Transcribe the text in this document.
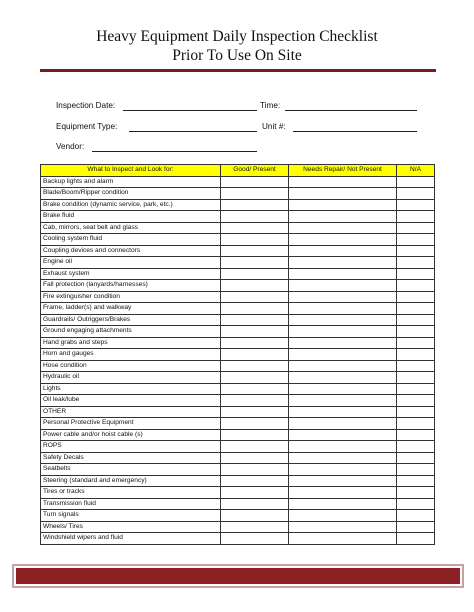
Heavy Equipment Daily Inspection Checklist
Prior To Use On Site
Inspection Date:	Time:
Equipment Type:	Unit #:
Vendor:
What to Inspect and Look for:	Good/ Present	Needs Repair/ Not Present	N/A
Backup lights and alarm			
Blade/Boom/Ripper condition			
Brake condition (dynamic service, park, etc.)			
Brake fluid			
Cab, mirrors, seat belt and glass			
Cooling system fluid			
Coupling devices and connectors			
Engine oil			
Exhaust system			
Fall protection (lanyards/harnesses)			
Fire extinguisher condition			
Frame, ladder(s) and walkway			
Guardrails/ Outriggers/Brakes			
Ground engaging attachments			
Hand grabs and steps			
Horn and gauges			
Hose condition			
Hydraulic oil			
Lights			
Oil leak/lube			
OTHER			
Personal Protective Equipment			
Power cable and/or hoist cable (s)			
ROPS			
Safety Decals			
Seatbelts			
Steering (standard and emergency)			
Tires or tracks			
Transmission fluid			
Turn signals			
Wheels/ Tires			
Windshield wipers and fluid			
